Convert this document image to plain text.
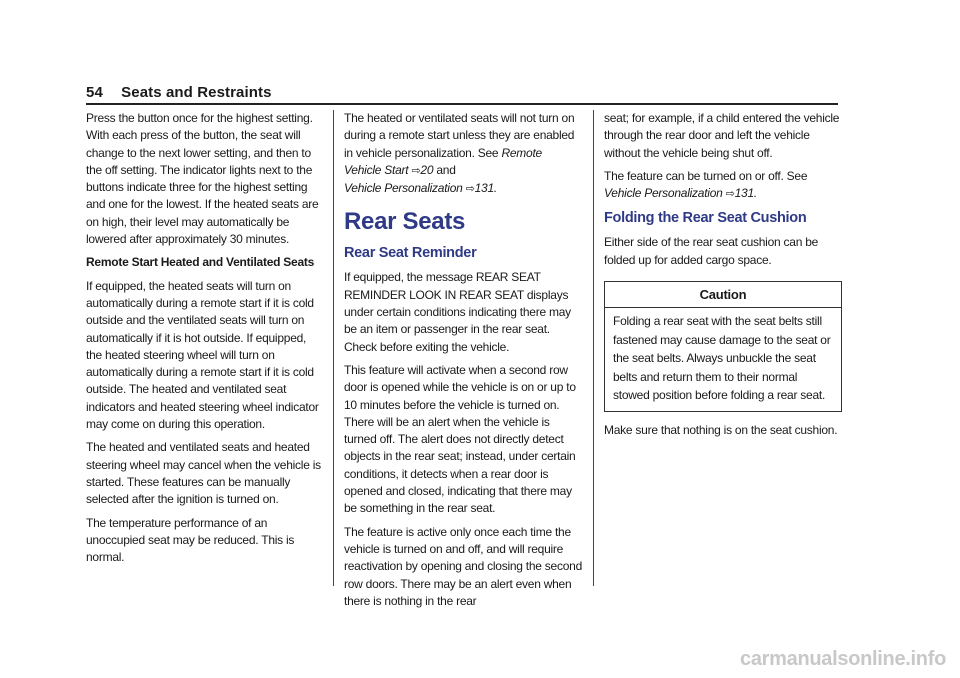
54 Seats and Restraints

Press the button once for the highest setting. With each press of the button, the seat will change to the next lower setting, and then to the off setting. The indicator lights next to the buttons indicate three for the highest setting and one for the lowest. If the heated seats are on high, their level may automatically be lowered after approximately 30 minutes.

Remote Start Heated and Ventilated Seats

If equipped, the heated seats will turn on automatically during a remote start if it is cold outside and the ventilated seats will turn on automatically if it is hot outside. If equipped, the heated steering wheel will turn on automatically during a remote start if it is cold outside. The heated and ventilated seat indicators and heated steering wheel indicator may come on during this operation.

The heated and ventilated seats and heated steering wheel may cancel when the vehicle is started. These features can be manually selected after the ignition is turned on.

The temperature performance of an unoccupied seat may be reduced. This is normal.

The heated or ventilated seats will not turn on during a remote start unless they are enabled in vehicle personalization. See Remote Vehicle Start ⇨20 and
Vehicle Personalization ⇨131.

Rear Seats
Rear Seat Reminder

If equipped, the message REAR SEAT REMINDER LOOK IN REAR SEAT displays under certain conditions indicating there may be an item or passenger in the rear seat. Check before exiting the vehicle.

This feature will activate when a second row door is opened while the vehicle is on or up to 10 minutes before the vehicle is turned on. There will be an alert when the vehicle is turned off. The alert does not directly detect objects in the rear seat; instead, under certain conditions, it detects when a rear door is opened and closed, indicating that there may be something in the rear seat.

The feature is active only once each time the vehicle is turned on and off, and will require reactivation by opening and closing the second row doors. There may be an alert even when there is nothing in the rear

seat; for example, if a child entered the vehicle through the rear door and left the vehicle without the vehicle being shut off.

The feature can be turned on or off. See
Vehicle Personalization ⇨131.

Folding the Rear Seat Cushion

Either side of the rear seat cushion can be folded up for added cargo space.

Caution
Folding a rear seat with the seat belts still fastened may cause damage to the seat or the seat belts. Always unbuckle the seat belts and return them to their normal stowed position before folding a rear seat.

Make sure that nothing is on the seat cushion.

carmanualsonline.info
